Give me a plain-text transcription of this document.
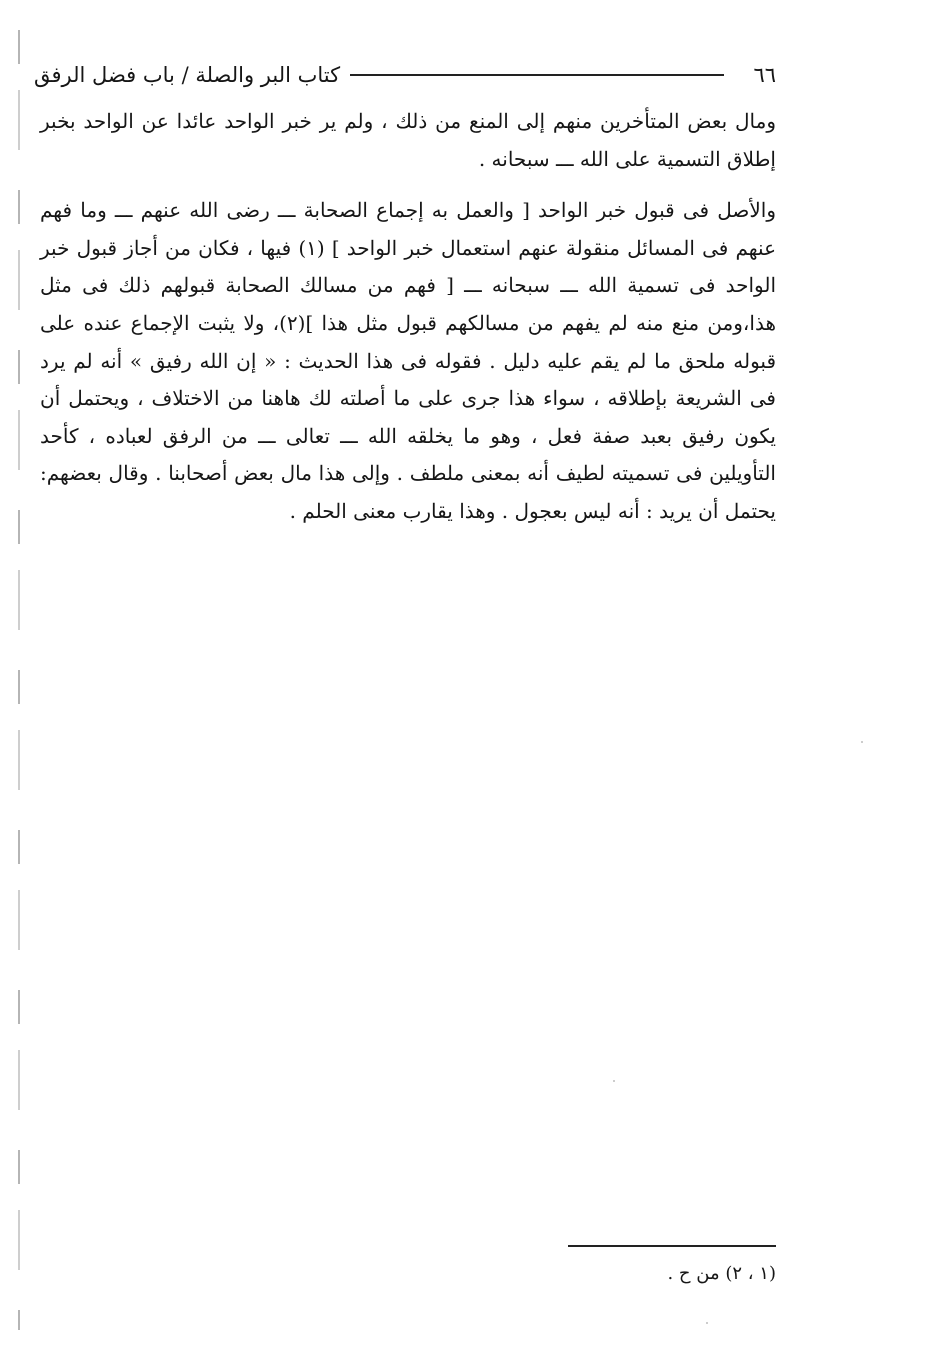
٦٦
كتاب البر والصلة / باب فضل الرفق

ومال بعض المتأخرين منهم إلى المنع من ذلك ، ولم ير خبر الواحد عائدا عن الواحد بخبر إطلاق التسمية على الله ـــ سبحانه .

والأصل فى قبول خبر الواحد [ والعمل به إجماع الصحابة ـــ رضى الله عنهم ـــ وما فهم عنهم فى المسائل منقولة عنهم استعمال خبر الواحد ] (١) فيها ، فكان من أجاز قبول خبر الواحد فى تسمية الله ـــ سبحانه ـــ [ فهم من مسالك الصحابة قبولهم ذلك فى مثل هذا،ومن منع منه لم يفهم من مسالكهم قبول مثل هذا ](٢)، ولا يثبت الإجماع عنده على قبوله ملحق ما لم يقم عليه دليل . فقوله فى هذا الحديث : « إن الله رفيق » أنه لم يرد فى الشريعة بإطلاقه ، سواء هذا جرى على ما أصلته لك هاهنا من الاختلاف ، ويحتمل أن يكون رفيق بعبد صفة فعل ، وهو ما يخلقه الله ـــ تعالى ـــ من الرفق لعباده ، كأحد التأويلين فى تسميته لطيف أنه بمعنى ملطف . وإلى هذا مال بعض أصحابنا . وقال بعضهم: يحتمل أن يريد : أنه ليس بعجول . وهذا يقارب معنى الحلم .

(١ ، ٢) من ح .
